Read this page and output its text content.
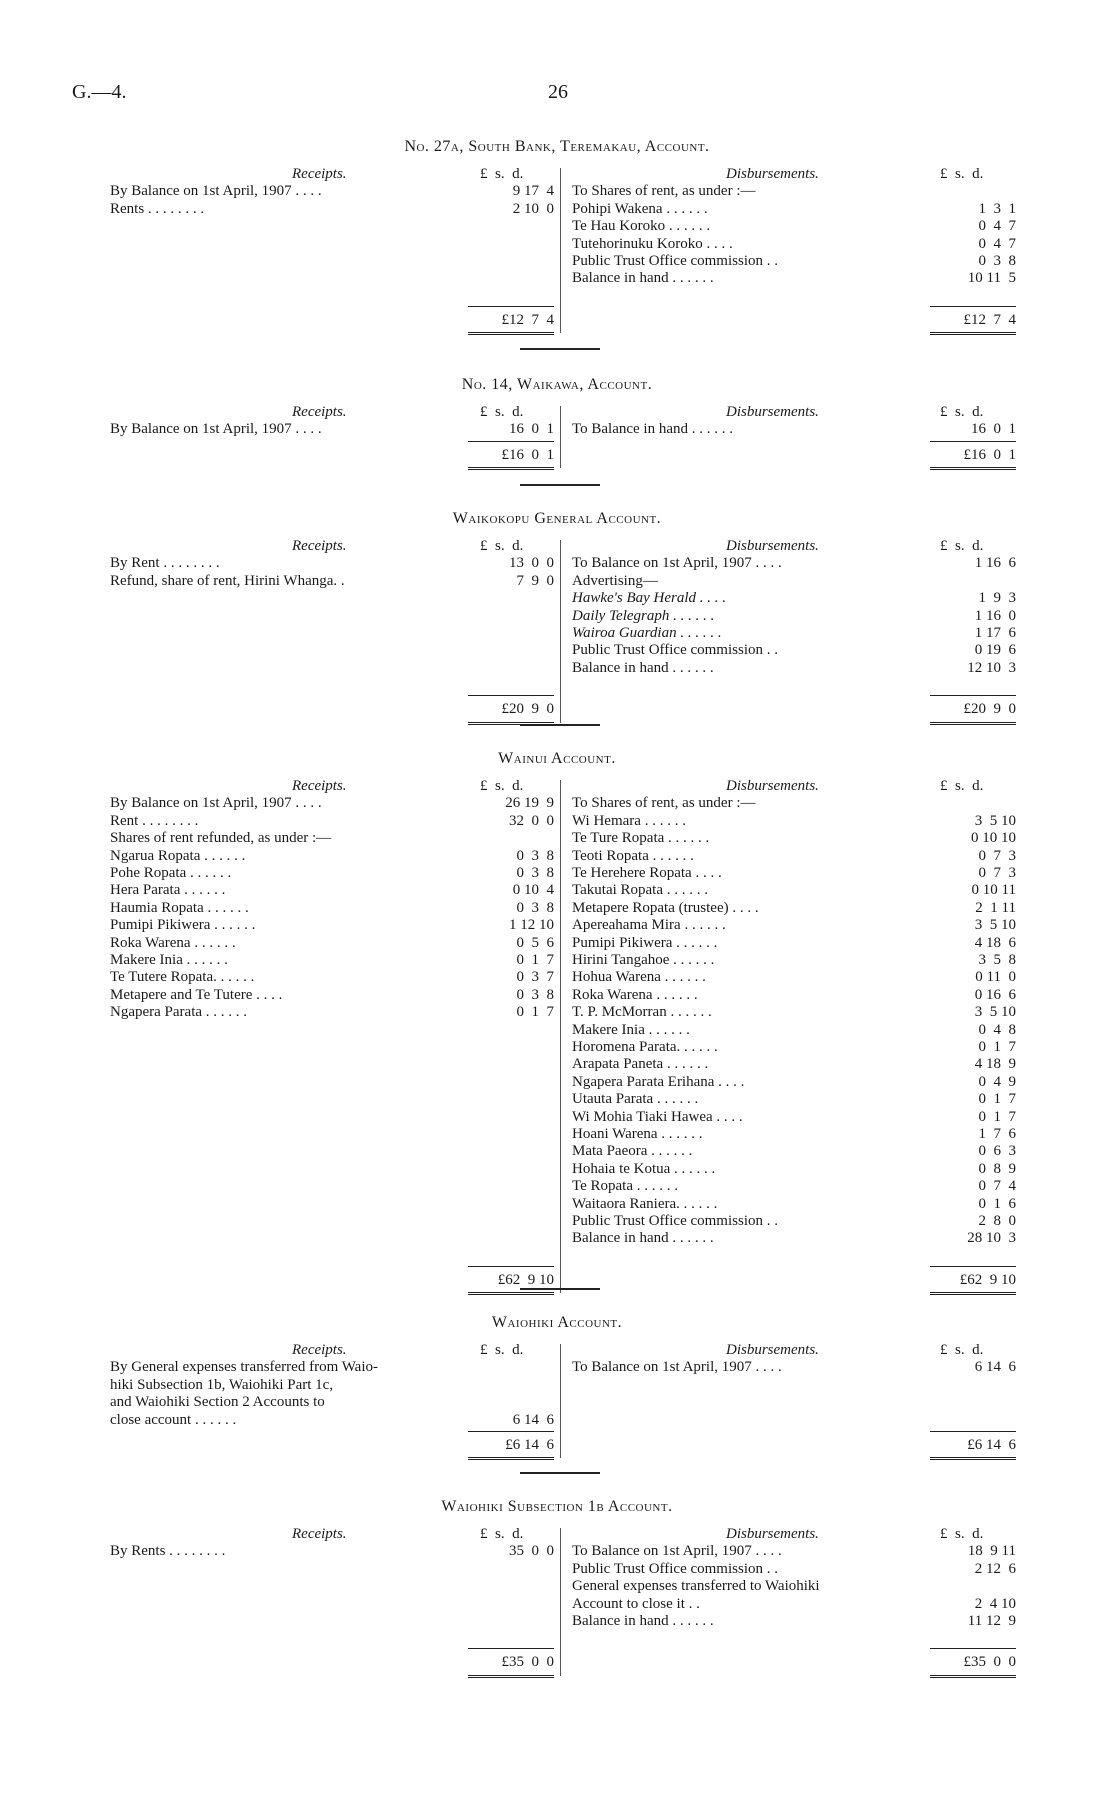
G.—4.	26
No. 27a, South Bank, Teremakau, Account.
Receipts.	£  s.  d.	Disbursements.	£  s.  d.
By Balance on 1st April, 1907 . . . .	9 17  4
Rents . . . . . . . .	2 10  0
To Shares of rent, as under :—
Pohipi Wakena . . . . . .	1  3  1
Te Hau Koroko . . . . . .	0  4  7
Tutehorinuku Koroko . . . .	0  4  7
Public Trust Office commission . .	0  3  8
Balance in hand . . . . . .	10 11  5
£12  7  4	£12  7  4
No. 14, Waikawa, Account.
Receipts.	£  s.  d.	Disbursements.	£  s.  d.
By Balance on 1st April, 1907 . . . .	16  0  1 To Balance in hand . . . . . .	16  0  1
£16  0  1	£16  0  1
Waikokopu General Account.
Receipts.	£  s.  d.	Disbursements.	£  s.  d.
By Rent . . . . . . . .	13  0  0
Refund, share of rent, Hirini Whanga. .	7  9  0
To Balance on 1st April, 1907 . . . .	1 16  6
Advertising—
Hawke's Bay Herald . . . .	1  9  3
Daily Telegraph . . . . . .	1 16  0
Wairoa Guardian . . . . . .	1 17  6
Public Trust Office commission . .	0 19  6
Balance in hand . . . . . .	12 10  3
£20  9  0	£20  9  0
Wainui Account.
Receipts.	£  s.  d.	Disbursements.	£  s.  d.
By Balance on 1st April, 1907 . . . .	26 19  9
Rent . . . . . . . .	32  0  0
Shares of rent refunded, as under :—
Ngarua Ropata . . . . . .	0  3  8
Pohe Ropata . . . . . .	0  3  8
Hera Parata . . . . . .	0 10  4
Haumia Ropata . . . . . .	0  3  8
Pumipi Pikiwera . . . . . .	1 12 10
Roka Warena . . . . . .	0  5  6
Makere Inia . . . . . .	0  1  7
Te Tutere Ropata. . . . . .	0  3  7
Metapere and Te Tutere . . . .	0  3  8
Ngapera Parata . . . . . .	0  1  7
To Shares of rent, as under :—
Wi Hemara . . . . . .	3  5 10
Te Ture Ropata . . . . . .	0 10 10
Teoti Ropata . . . . . .	0  7  3
Te Herehere Ropata . . . .	0  7  3
Takutai Ropata . . . . . .	0 10 11
Metapere Ropata (trustee) . . . .	2  1 11
Apereahama Mira . . . . . .	3  5 10
Pumipi Pikiwera . . . . . .	4 18  6
Hirini Tangahoe . . . . . .	3  5  8
Hohua Warena . . . . . .	0 11  0
Roka Warena . . . . . .	0 16  6
T. P. McMorran . . . . . .	3  5 10
Makere Inia . . . . . .	0  4  8
Horomena Parata. . . . . .	0  1  7
Arapata Paneta . . . . . .	4 18  9
Ngapera Parata Erihana . . . .	0  4  9
Utauta Parata . . . . . .	0  1  7
Wi Mohia Tiaki Hawea . . . .	0  1  7
Hoani Warena . . . . . .	1  7  6
Mata Paeora . . . . . .	0  6  3
Hohaia te Kotua . . . . . .	0  8  9
Te Ropata . . . . . .	0  7  4
Waitaora Raniera. . . . . .	0  1  6
Public Trust Office commission . .	2  8  0
Balance in hand . . . . . .	28 10  3
£62  9 10	£62  9 10
Waiohiki Account.
Receipts.	£  s.  d.	Disbursements.	£  s.  d.
By General expenses transferred from Waio-
hiki Subsection 1b, Waiohiki Part 1c,
and Waiohiki Section 2 Accounts to
close account . . . . . .	6 14  6
To Balance on 1st April, 1907 . . . .	6 14  6
£6 14  6	£6 14  6
Waiohiki Subsection 1b Account.
Receipts.	£  s.  d.	Disbursements.	£  s.  d.
By Rents . . . . . . . .	35  0  0 To Balance on 1st April, 1907 . . . .	18  9 11
Public Trust Office commission . .	2 12  6
General expenses transferred to Waiohiki
Account to close it . .	2  4 10
Balance in hand . . . . . .	11 12  9
£35  0  0	£35  0  0
